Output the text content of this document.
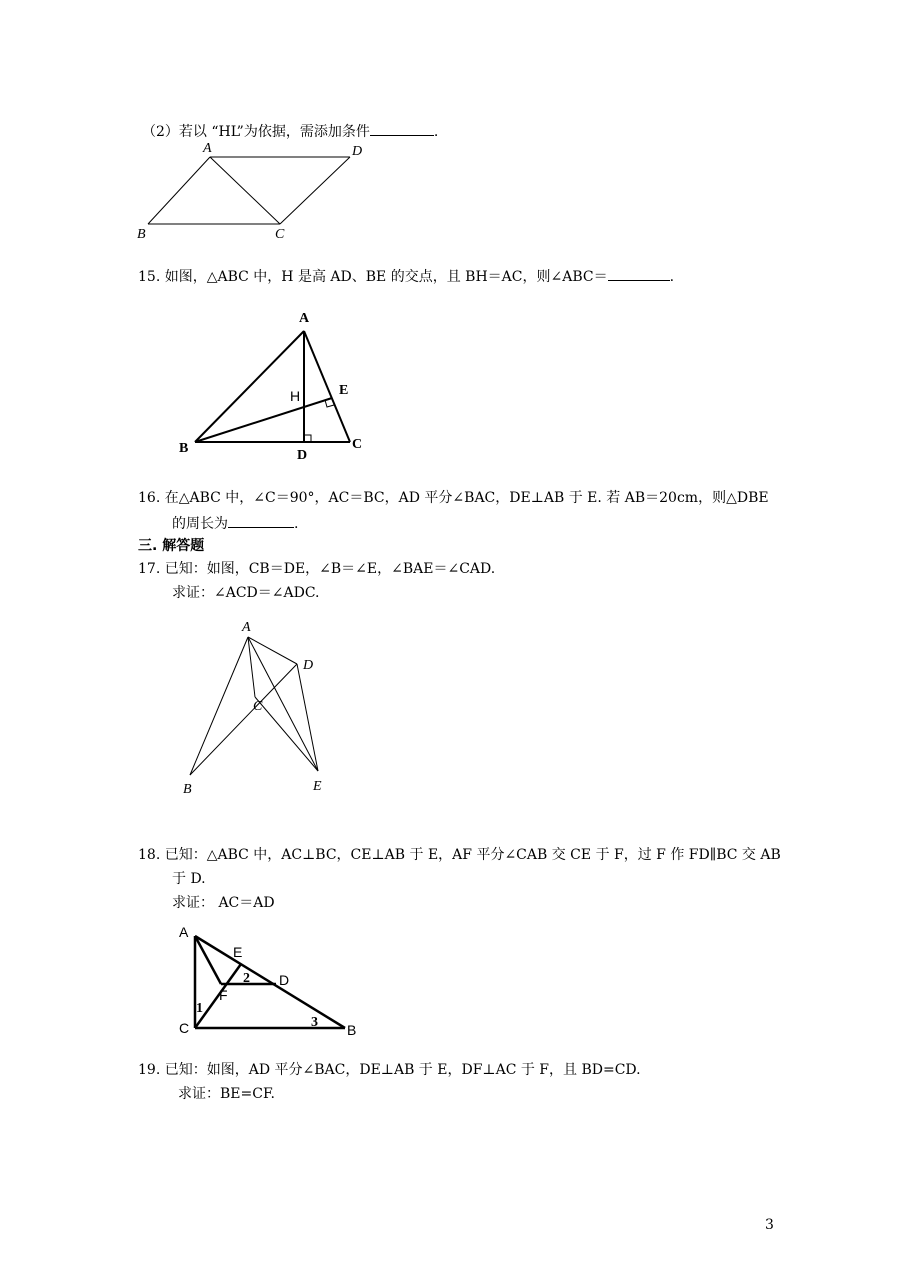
（2）若以 “HL”为依据，需添加条件	.
A	D
B	C
15. 如图，△ABC 中，H 是高 AD、BE 的交点，且 BH＝AC，则∠ABC＝	.
A
E
H
B	C
D
16. 在△ABC 中，∠C＝90°，AC＝BC，AD 平分∠BAC，DE⊥AB 于 E. 若 AB＝20cm，则△DBE
的周长为	.
三. 解答题
17. 已知：如图，CB＝DE，∠B＝∠E，∠BAE＝∠CAD.
求证：∠ACD＝∠ADC.
A
D
C
B	E
18. 已知：△ABC 中，AC⊥BC，CE⊥AB 于 E，AF 平分∠CAB 交 CE 于 F，过 F 作 FD∥BC 交 AB
于 D.
求证： AC＝AD
A
E
2 D
F
1
3
C	B
19. 已知：如图，AD 平分∠BAC，DE⊥AB 于 E，DF⊥AC 于 F，且 BD=CD.
求证：BE=CF.
3
